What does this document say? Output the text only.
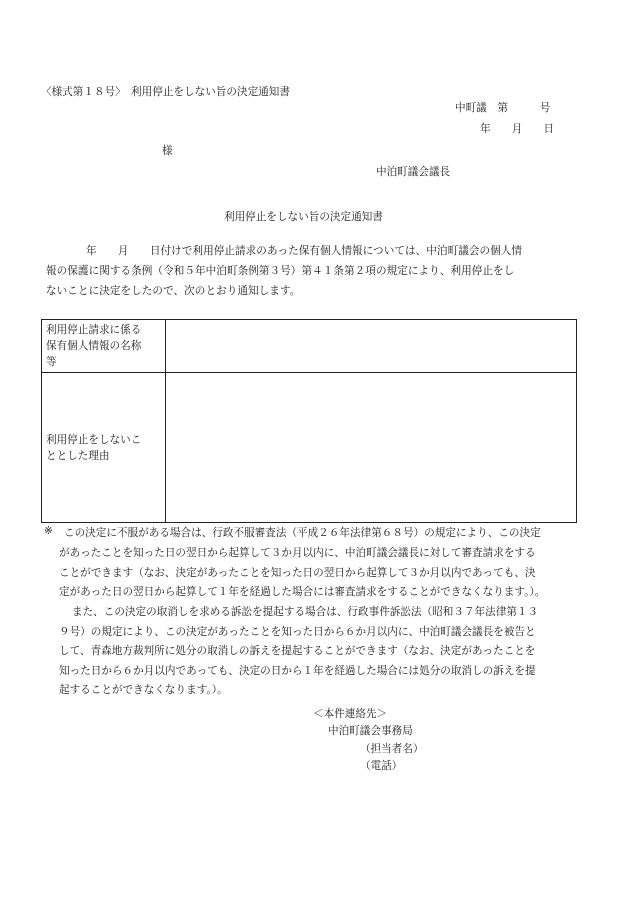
〈様式第１８号〉　利用停止をしない旨の決定通知書
中町議　第　　　号
年　　月　　日
様
中泊町議会議長
利用停止をしない旨の決定通知書
年　　月　　日付けで利用停止請求のあった保有個人情報については、中泊町議会の個人情
報の保護に関する条例（令和５年中泊町条例第３号）第４１条第２項の規定により、利用停止をし
ないことに決定をしたので、次のとおり通知します。
利用停止請求に係る
保有個人情報の名称
等	

利用停止をしないこ
ととした理由	

※ この決定に不服がある場合は、行政不服審査法（平成２６年法律第６８号）の規定により、この決定
があったことを知った日の翌日から起算して３か月以内に、中泊町議会議長に対して審査請求をする
ことができます（なお、決定があったことを知った日の翌日から起算して３か月以内であっても、決
定があった日の翌日から起算して１年を経過した場合には審査請求をすることができなくなります。）。
また、この決定の取消しを求める訴訟を提起する場合は、行政事件訴訟法（昭和３７年法律第１３
９号）の規定により、この決定があったことを知った日から６か月以内に、中泊町議会議長を被告と
して、青森地方裁判所に処分の取消しの訴えを提起することができます（なお、決定があったことを
知った日から６か月以内であっても、決定の日から１年を経過した場合には処分の取消しの訴えを提
起することができなくなります。）。
＜本件連絡先＞
中泊町議会事務局
（担当者名）
（電話）
